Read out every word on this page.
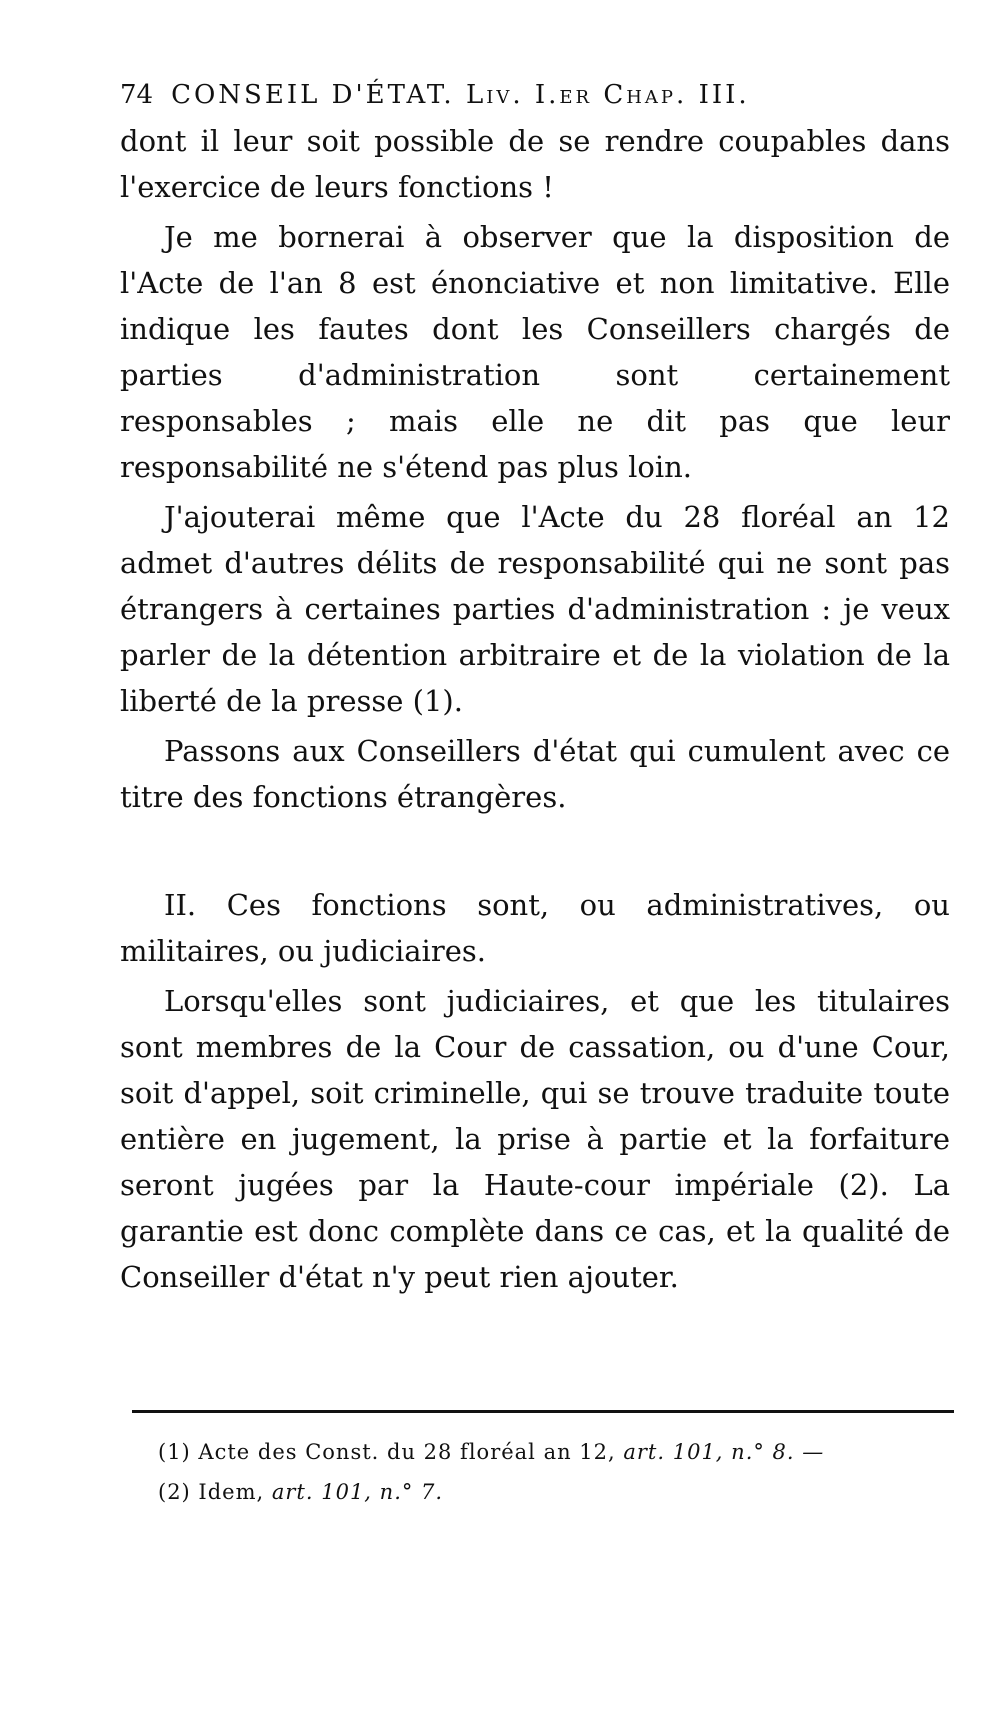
74 CONSEIL D'ÉTAT. Liv. I.er Chap. III.

dont il leur soit possible de se rendre coupables dans l'exercice de leurs fonctions !

Je me bornerai à observer que la disposition de l'Acte de l'an 8 est énonciative et non limitative. Elle indique les fautes dont les Conseillers chargés de parties d'administration sont certainement responsables ; mais elle ne dit pas que leur responsabilité ne s'étend pas plus loin.

J'ajouterai même que l'Acte du 28 floréal an 12 admet d'autres délits de responsabilité qui ne sont pas étrangers à certaines parties d'administration : je veux parler de la détention arbitraire et de la violation de la liberté de la presse (1).

Passons aux Conseillers d'état qui cumulent avec ce titre des fonctions étrangères.

II. Ces fonctions sont, ou administratives, ou militaires, ou judiciaires.

Lorsqu'elles sont judiciaires, et que les titulaires sont membres de la Cour de cassation, ou d'une Cour, soit d'appel, soit criminelle, qui se trouve traduite toute entière en jugement, la prise à partie et la forfaiture seront jugées par la Haute-cour impériale (2). La garantie est donc complète dans ce cas, et la qualité de Conseiller d'état n'y peut rien ajouter.

(1) Acte des Const. du 28 floréal an 12, art. 101, n.° 8. —
(2) Idem, art. 101, n.° 7.
